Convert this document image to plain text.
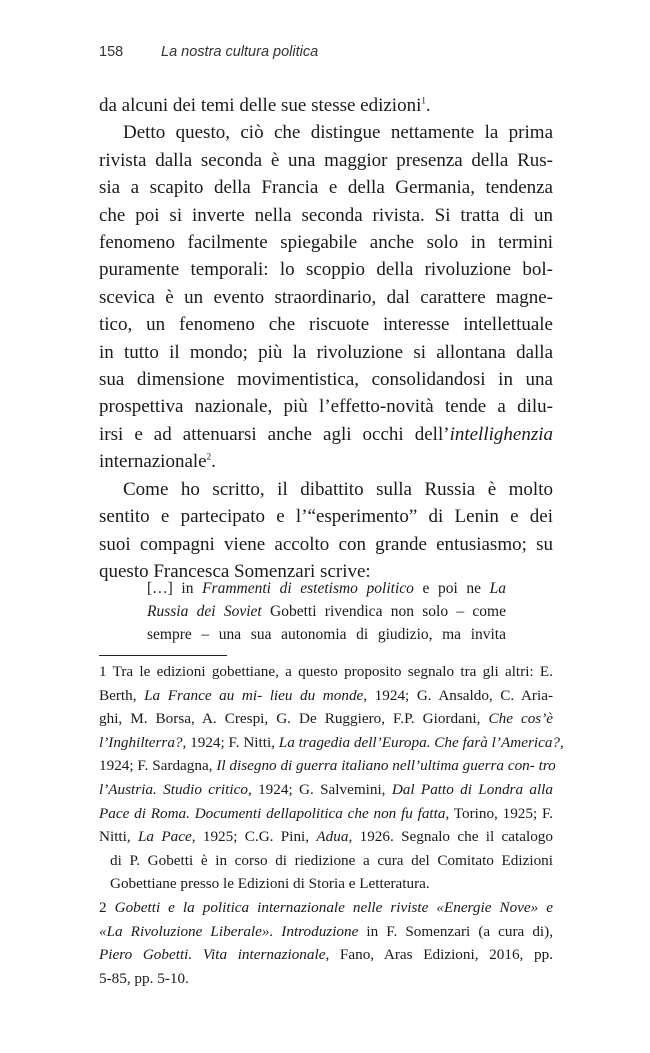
158	La nostra cultura politica
da alcuni dei temi delle sue stesse edizioni$^1$.
Detto questo, ciò che distingue nettamente la prima
rivista dalla seconda è una maggior presenza della Rus-
sia a scapito della Francia e della Germania, tendenza
che poi si inverte nella seconda rivista. Si tratta di un
fenomeno facilmente spiegabile anche solo in termini
puramente temporali: lo scoppio della rivoluzione bol-
scevica è un evento straordinario, dal carattere magne-
tico, un fenomeno che riscuote interesse intellettuale
in tutto il mondo; più la rivoluzione si allontana dalla
sua dimensione movimentistica, consolidandosi in una
prospettiva nazionale, più l’effetto-novità tende a dilu-
irsi e ad attenuarsi anche agli occhi dell’intellighenzia
internazionale$^2$.
Come ho scritto, il dibattito sulla Russia è molto
sentito e partecipato e l’“esperimento” di Lenin e dei
suoi compagni viene accolto con grande entusiasmo; su
questo Francesca Somenzari scrive:
[…] in Frammenti di estetismo politico e poi ne La
Russia dei Soviet Gobetti rivendica non solo – come
sempre – una sua autonomia di giudizio, ma invita
1 Tra le edizioni gobettiane, a questo proposito segnalo tra gli altri: E.
Berth, La France au mi- lieu du monde, 1924; G. Ansaldo, C. Aria-
ghi, M. Borsa, A. Crespi, G. De Ruggiero, F.P. Giordani, Che cos’è
l’Inghilterra?, 1924; F. Nitti, La tragedia dell’Europa. Che farà l’America?,
1924; F. Sardagna, Il disegno di guerra italiano nell’ultima guerra con- tro
l’Austria. Studio critico, 1924; G. Salvemini, Dal Patto di Londra alla
Pace di Roma. Documenti dellapolitica che non fu fatta, Torino, 1925; F.
Nitti, La Pace, 1925; C.G. Pini, Adua, 1926. Segnalo che il catalogo
di P. Gobetti è in corso di riedizione a cura del Comitato Edizioni
Gobettiane presso le Edizioni di Storia e Letteratura.
2 Gobetti e la politica internazionale nelle riviste «Energie Nove» e
«La Rivoluzione Liberale». Introduzione in F. Somenzari (a cura di),
Piero Gobetti. Vita internazionale, Fano, Aras Edizioni, 2016, pp.
5-85, pp. 5-10.
